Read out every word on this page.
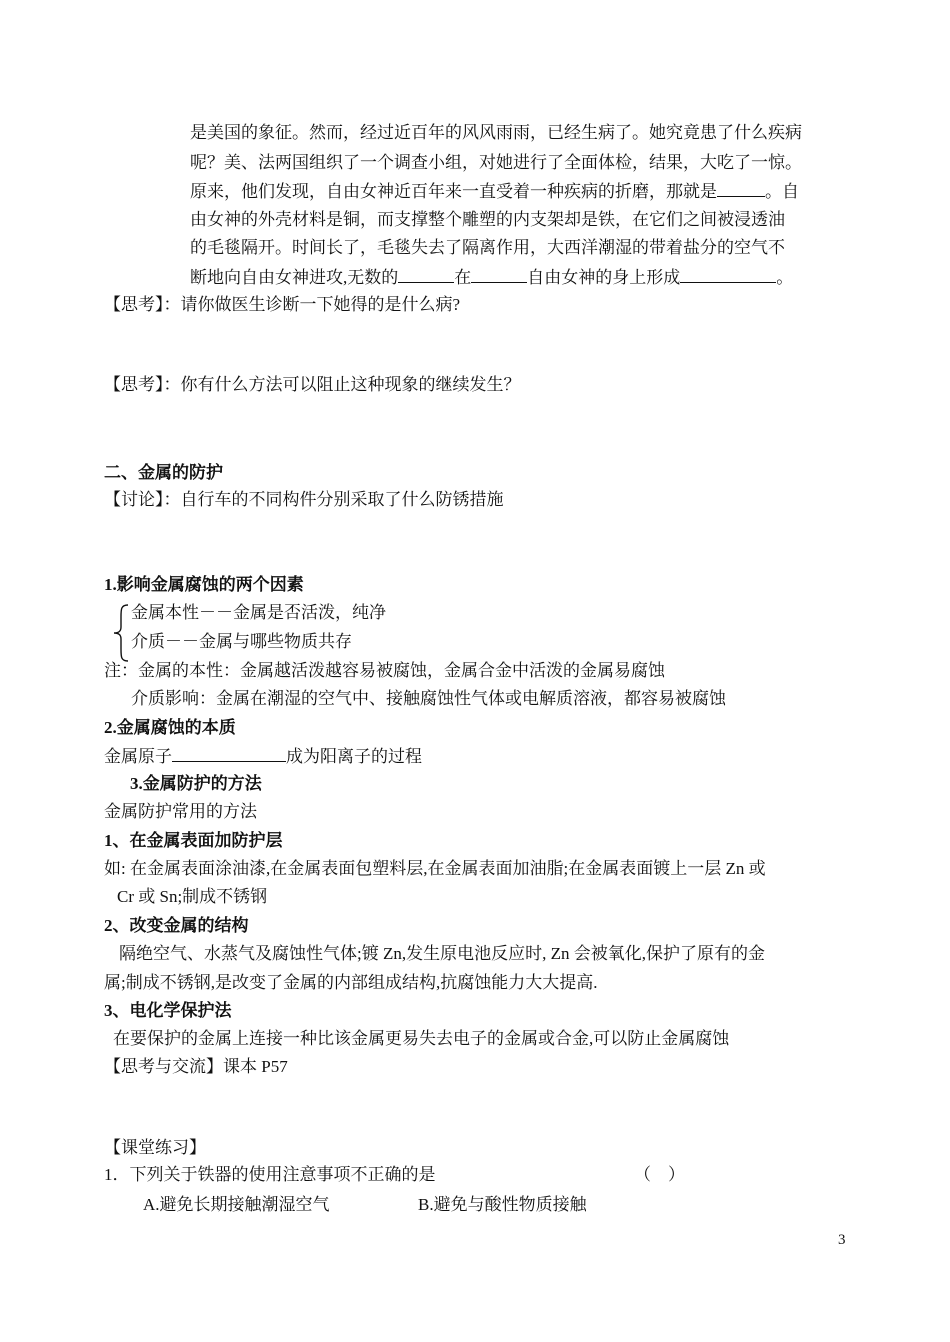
是美国的象征。然而，经过近百年的风风雨雨，已经生病了。她究竟患了什么疾病
呢？美、法两国组织了一个调查小组，对她进行了全面体检，结果，大吃了一惊。
原来，他们发现，自由女神近百年来一直受着一种疾病的折磨，那就是	。自
由女神的外壳材料是铜，而支撑整个雕塑的内支架却是铁，在它们之间被浸透油
的毛毯隔开。时间长了，毛毯失去了隔离作用，大西洋潮湿的带着盐分的空气不
断地向自由女神进攻,无数的	在	自由女神的身上形成	。
【思考】：请你做医生诊断一下她得的是什么病?
【思考】：你有什么方法可以阻止这种现象的继续发生？
二、金属的防护
【讨论】：自行车的不同构件分别采取了什么防锈措施
1.影响金属腐蚀的两个因素
金属本性－－金属是否活泼，纯净
介质－－金属与哪些物质共存
注：金属的本性：金属越活泼越容易被腐蚀，金属合金中活泼的金属易腐蚀
介质影响：金属在潮湿的空气中、接触腐蚀性气体或电解质溶液，都容易被腐蚀
2.金属腐蚀的本质
金属原子	成为阳离子的过程
3.金属防护的方法
金属防护常用的方法
1、在金属表面加防护层
如: 在金属表面涂油漆,在金属表面包塑料层,在金属表面加油脂;在金属表面镀上一层 Zn 或
Cr 或 Sn;制成不锈钢
2、改变金属的结构
隔绝空气、水蒸气及腐蚀性气体;镀 Zn,发生原电池反应时, Zn 会被氧化,保护了原有的金
属;制成不锈钢,是改变了金属的内部组成结构,抗腐蚀能力大大提高.
3、电化学保护法
在要保护的金属上连接一种比该金属更易失去电子的金属或合金,可以防止金属腐蚀
【思考与交流】课本 P57
【课堂练习】
1．下列关于铁器的使用注意事项不正确的是	（　）
A.避免长期接触潮湿空气	B.避免与酸性物质接触
3
